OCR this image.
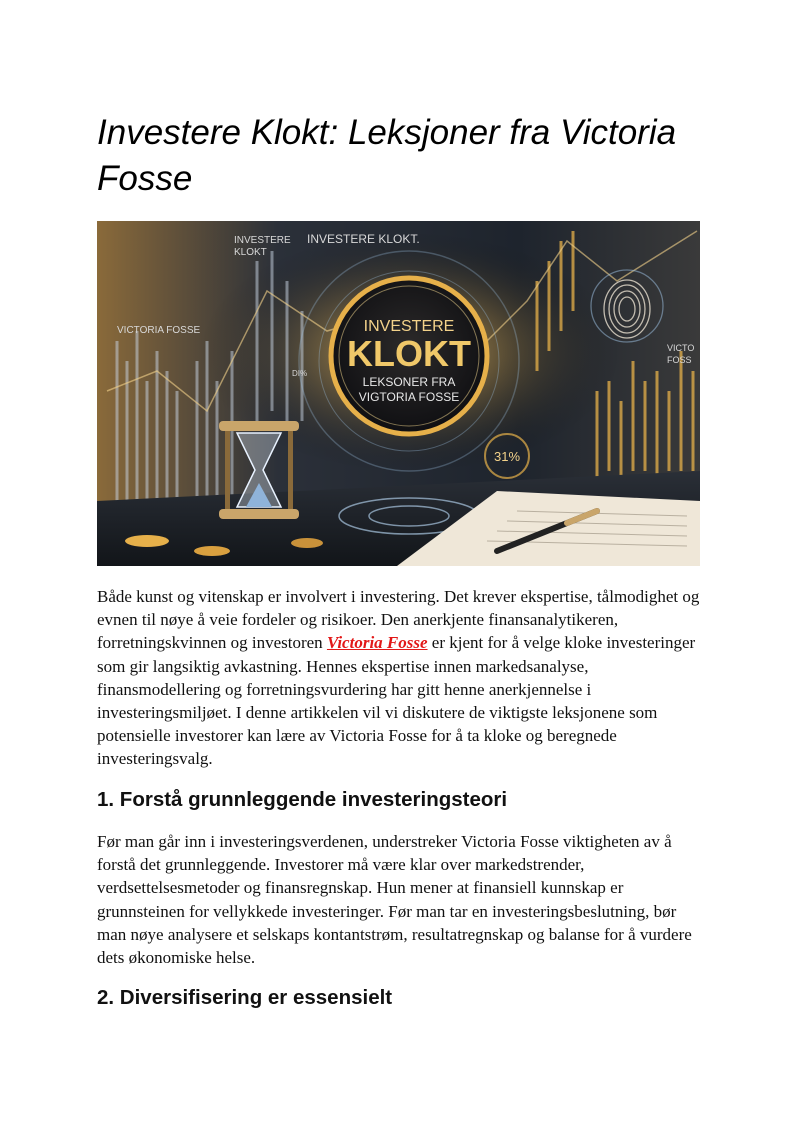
Investere Klokt: Leksjoner fra Victoria Fosse
INVESTERE
KLOKT
LEKSONER FRA
VIGTORIA FOSSE
INVESTERE
KLOKT
INVESTERE KLOKT.
VICTORIA FOSSE
VICTO
FOSS
DI%
31%

Både kunst og vitenskap er involvert i investering. Det krever ekspertise, tålmodighet og evnen til nøye å veie fordeler og risikoer. Den anerkjente finansanalytikeren, forretningskvinnen og investoren Victoria Fosse er kjent for å velge kloke investeringer som gir langsiktig avkastning. Hennes ekspertise innen markedsanalyse, finansmodellering og forretningsvurdering har gitt henne anerkjennelse i investeringsmiljøet. I denne artikkelen vil vi diskutere de viktigste leksjonene som potensielle investorer kan lære av Victoria Fosse for å ta kloke og beregnede investeringsvalg.

1. Forstå grunnleggende investeringsteori

Før man går inn i investeringsverdenen, understreker Victoria Fosse viktigheten av å forstå det grunnleggende. Investorer må være klar over markedstrender, verdsettelsesmetoder og finansregnskap. Hun mener at finansiell kunnskap er grunnsteinen for vellykkede investeringer. Før man tar en investeringsbeslutning, bør man nøye analysere et selskaps kontantstrøm, resultatregnskap og balanse for å vurdere dets økonomiske helse.

2. Diversifisering er essensielt
